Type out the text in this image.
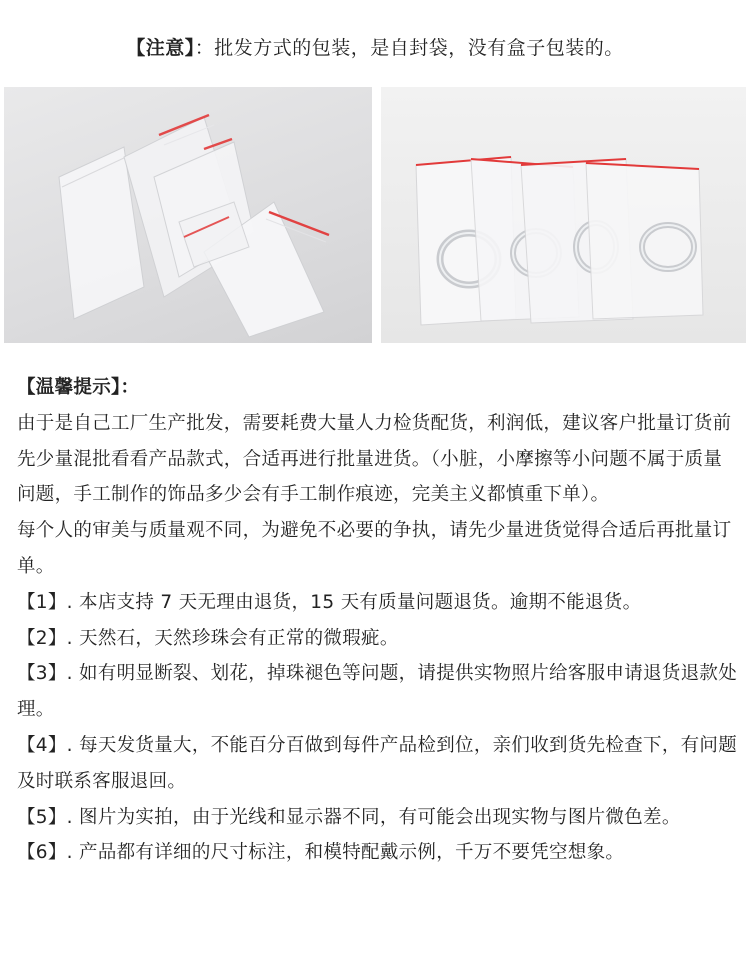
【注意】：批发方式的包装，是自封袋，没有盒子包装的。

【温馨提示】：

由于是自己工厂生产批发，需要耗费大量人力检货配货，利润低，建议客户批量订货前先少量混批看看产品款式，合适再进行批量进货。（小脏，小摩擦等小问题不属于质量问题，手工制作的饰品多少会有手工制作痕迹，完美主义都慎重下单）。

每个人的审美与质量观不同，为避免不必要的争执，请先少量进货觉得合适后再批量订单。

【1】. 本店支持 7 天无理由退货，15 天有质量问题退货。逾期不能退货。

【2】. 天然石，天然珍珠会有正常的微瑕疵。

【3】. 如有明显断裂、划花，掉珠褪色等问题，请提供实物照片给客服申请退货退款处理。

【4】. 每天发货量大，不能百分百做到每件产品检到位，亲们收到货先检查下，有问题及时联系客服退回。

【5】. 图片为实拍，由于光线和显示器不同，有可能会出现实物与图片微色差。

【6】. 产品都有详细的尺寸标注，和模特配戴示例，千万不要凭空想象。
